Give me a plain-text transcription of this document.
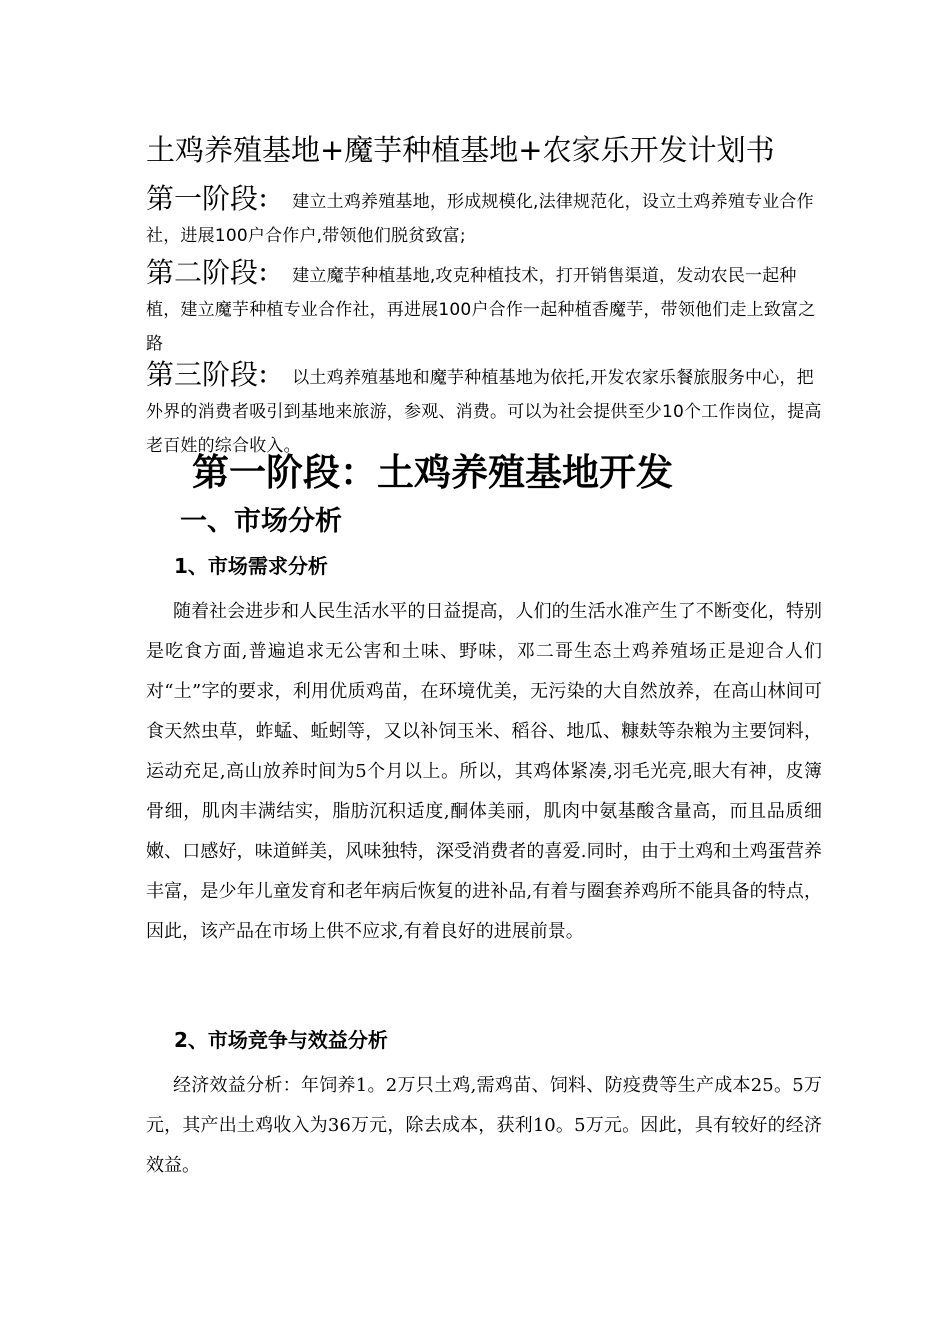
土鸡养殖基地+魔芋种植基地+农家乐开发计划书
第一阶段： 建立土鸡养殖基地，形成规模化,法律规范化，设立土鸡养殖专业合作社，进展100户合作户,带领他们脱贫致富;
第二阶段： 建立魔芋种植基地,攻克种植技术，打开销售渠道，发动农民一起种植，建立魔芋种植专业合作社，再进展100户合作一起种植香魔芋，带领他们走上致富之路
第三阶段： 以土鸡养殖基地和魔芋种植基地为依托,开发农家乐餐旅服务中心，把外界的消费者吸引到基地来旅游，参观、消费。可以为社会提供至少10个工作岗位，提高老百姓的综合收入。
第一阶段：土鸡养殖基地开发
一、市场分析
1、市场需求分析
随着社会进步和人民生活水平的日益提高，人们的生活水准产生了不断变化，特别是吃食方面,普遍追求无公害和土味、野味，邓二哥生态土鸡养殖场正是迎合人们对“土”字的要求，利用优质鸡苗，在环境优美，无污染的大自然放养，在高山林间可食天然虫草，蚱蜢、蚯蚓等，又以补饲玉米、稻谷、地瓜、糠麸等杂粮为主要饲料，运动充足,高山放养时间为5个月以上。所以，其鸡体紧凑,羽毛光亮,眼大有神，皮簿骨细，肌肉丰满结实，脂肪沉积适度,酮体美丽，肌肉中氨基酸含量高，而且品质细嫩、口感好，味道鲜美，风味独特，深受消费者的喜爱.同时，由于土鸡和土鸡蛋营养丰富，是少年儿童发育和老年病后恢复的进补品,有着与圈套养鸡所不能具备的特点，因此，该产品在市场上供不应求,有着良好的进展前景。
2、市场竞争与效益分析
经济效益分析：年饲养1。2万只土鸡,需鸡苗、饲料、防疫费等生产成本25。5万元，其产出土鸡收入为36万元，除去成本，获利10。5万元。因此，具有较好的经济效益。
